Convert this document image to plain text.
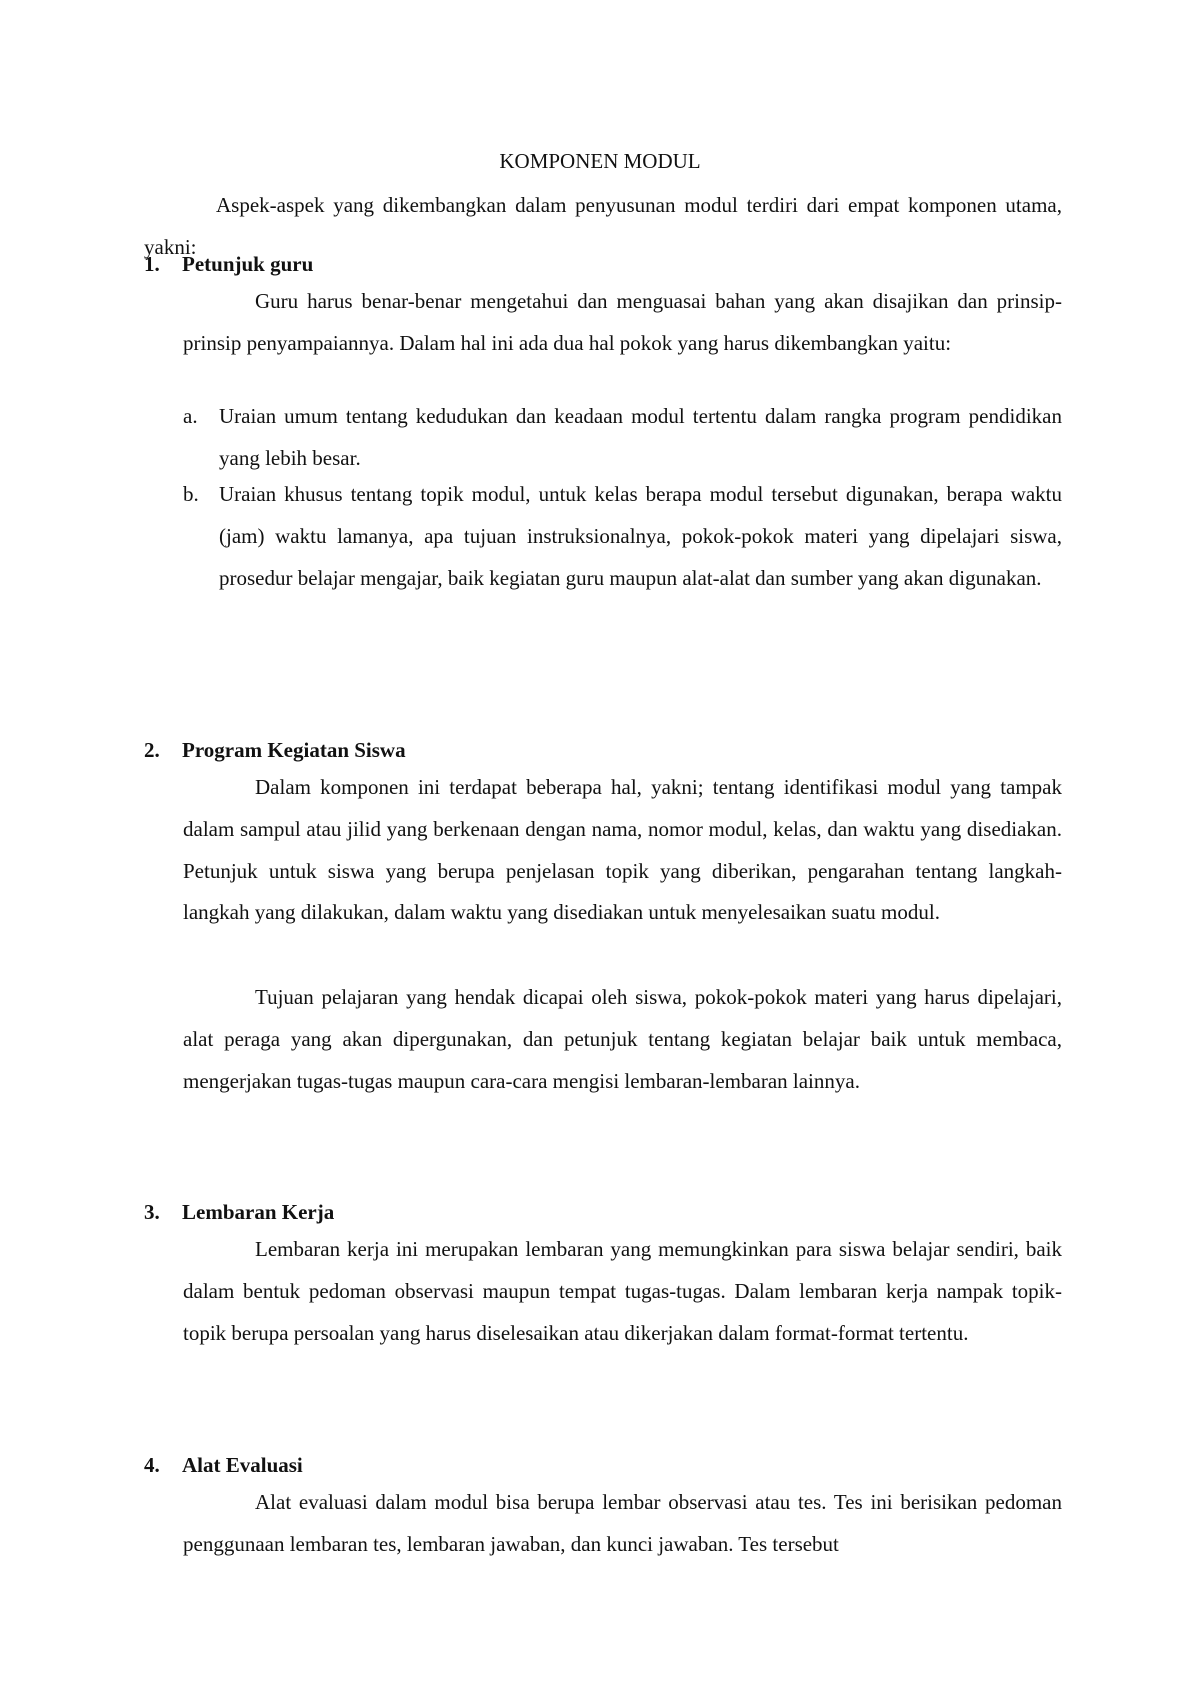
KOMPONEN MODUL

Aspek-aspek yang dikembangkan dalam penyusunan modul terdiri dari empat komponen utama, yakni:

1. Petunjuk guru

Guru harus benar-benar mengetahui dan menguasai bahan yang akan disajikan dan prinsip-prinsip penyampaiannya. Dalam hal ini ada dua hal pokok yang harus dikembangkan yaitu:

a. Uraian umum tentang kedudukan dan keadaan modul tertentu dalam rangka program pendidikan yang lebih besar.

b. Uraian khusus tentang topik modul, untuk kelas berapa modul tersebut digunakan, berapa waktu (jam) waktu lamanya, apa tujuan instruksionalnya, pokok-pokok materi yang dipelajari siswa, prosedur belajar mengajar, baik kegiatan guru maupun alat-alat dan sumber yang akan digunakan.

2. Program Kegiatan Siswa

Dalam komponen ini terdapat beberapa hal, yakni; tentang identifikasi modul yang tampak dalam sampul atau jilid yang berkenaan dengan nama, nomor modul, kelas, dan waktu yang disediakan. Petunjuk untuk siswa yang berupa penjelasan topik yang diberikan, pengarahan tentang langkah-langkah yang dilakukan, dalam waktu yang disediakan untuk menyelesaikan suatu modul.

Tujuan pelajaran yang hendak dicapai oleh siswa, pokok-pokok materi yang harus dipelajari, alat peraga yang akan dipergunakan, dan petunjuk tentang kegiatan belajar baik untuk membaca, mengerjakan tugas-tugas maupun cara-cara mengisi lembaran-lembaran lainnya.

3. Lembaran Kerja

Lembaran kerja ini merupakan lembaran yang memungkinkan para siswa belajar sendiri, baik dalam bentuk pedoman observasi maupun tempat tugas-tugas. Dalam lembaran kerja nampak topik-topik berupa persoalan yang harus diselesaikan atau dikerjakan dalam format-format tertentu.

4. Alat Evaluasi

Alat evaluasi dalam modul bisa berupa lembar observasi atau tes. Tes ini berisikan pedoman penggunaan lembaran tes, lembaran jawaban, dan kunci jawaban. Tes tersebut
